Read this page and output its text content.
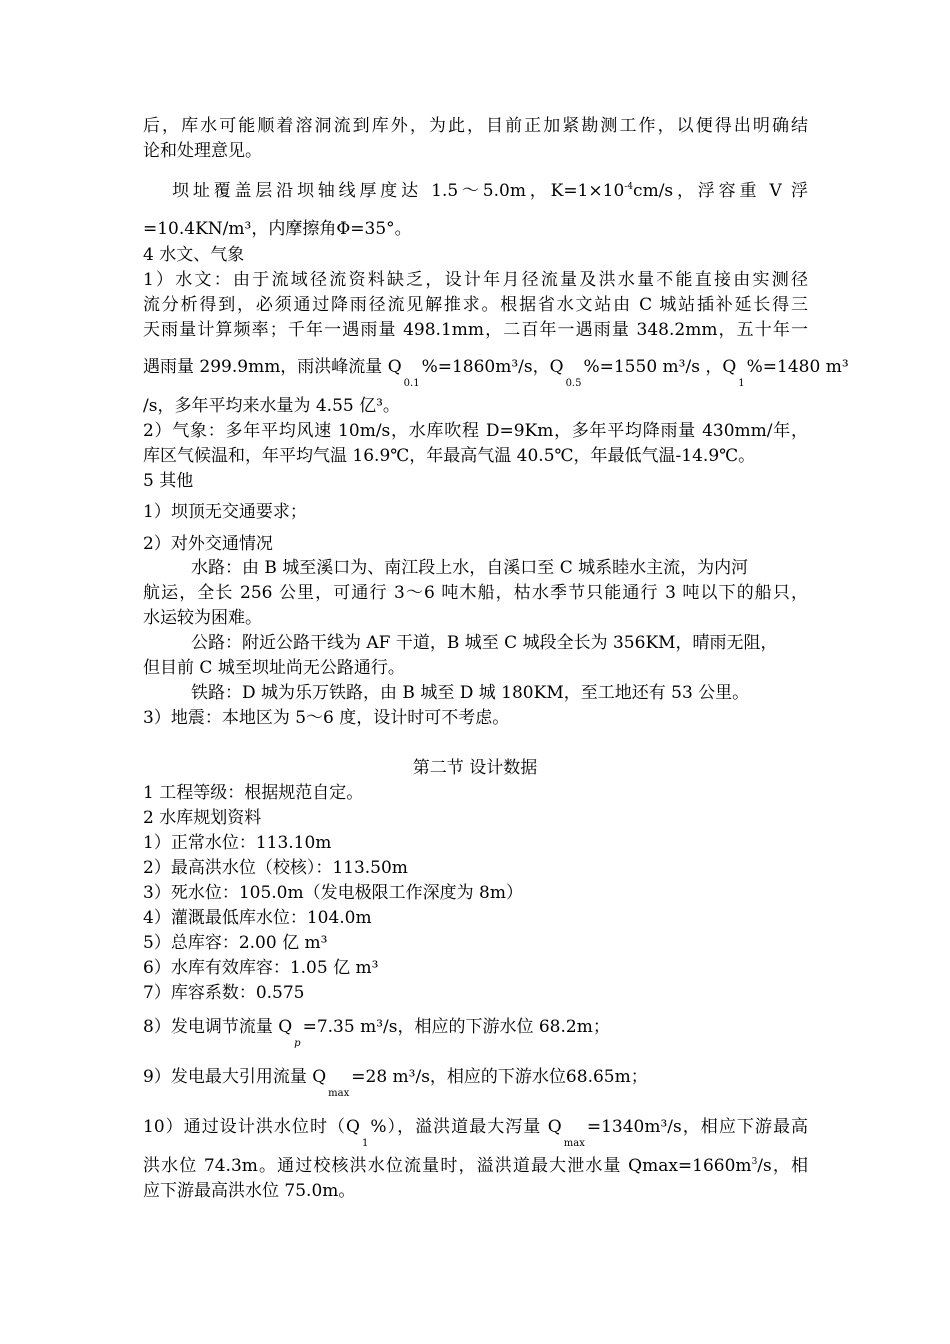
后，库水可能顺着溶洞流到库外，为此，目前正加紧勘测工作，以便得出明确结
论和处理意见。
坝址覆盖层沿坝轴线厚度达 1.5～5.0m，$K=1\times 10^{-4}cm/s$，浮容重 V 浮
=10.4KN/m³，内摩擦角Φ=35°。
4 水文、气象
1）水文：由于流域径流资料缺乏，设计年月径流量及洪水量不能直接由实测径
流分析得到，必须通过降雨径流见解推求。根据省水文站由 C 城站插补延长得三
天雨量计算频率；千年一遇雨量 498.1mm，二百年一遇雨量 348.2mm，五十年一
遇雨量 299.9mm，雨洪峰流量 $Q_{0.1}\%=1860m^3/s$，$Q_{0.5}\%=1550$ m³/s ，$Q_1\%=1480$ m³
/s，多年平均来水量为 4.55 亿³。
2）气象：多年平均风速 10m/s，水库吹程 D=9Km，多年平均降雨量 430mm/年，
库区气候温和，年平均气温 16.9℃，年最高气温 40.5℃，年最低气温-14.9℃。
5 其他
1）坝顶无交通要求；
2）对外交通情况
水路：由 B 城至溪口为、南江段上水，自溪口至 C 城系睦水主流，为内河
航运，全长 256 公里，可通行 3～6 吨木船，枯水季节只能通行 3 吨以下的船只，
水运较为困难。
公路：附近公路干线为 AF 干道，B 城至 C 城段全长为 356KM，晴雨无阻，
但目前 C 城至坝址尚无公路通行。
铁路：D 城为乐万铁路，由 B 城至 D 城 180KM，至工地还有 53 公里。
3）地震：本地区为 5～6 度，设计时可不考虑。
第二节 设计数据
1 工程等级：根据规范自定。
2 水库规划资料
1）正常水位：113.10m
2）最高洪水位（校核）：113.50m
3）死水位：105.0m（发电极限工作深度为 8m）
4）灌溉最低库水位：104.0m
5）总库容：2.00 亿 m³
6）水库有效库容：1.05 亿 m³
7）库容系数：0.575
8）发电调节流量 $Q_p=7.35$ m³/s，相应的下游水位 68.2m；
9）发电最大引用流量 $Q_{max}=28$ m³/s，相应的下游水位68.65m；
10）通过设计洪水位时$(Q_1\%)$，溢洪道最大泻量 $Q_{max}=1340m^3/s$，相应下游最高
洪水位 74.3m。通过校核洪水位流量时，溢洪道最大泄水量 $Qmax=1660m^3/s$，相
应下游最高洪水位 75.0m。
